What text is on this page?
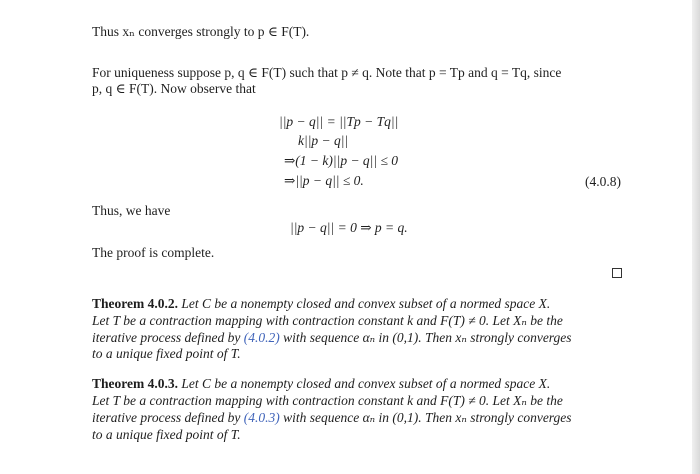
Thus xₙ converges strongly to p ∈ F(T).
For uniqueness suppose p, q ∈ F(T) such that p ≠ q. Note that p = Tp and q = Tq, since
p, q ∈ F(T). Now observe that
||p − q|| = ||Tp − Tq||
k||p − q||
⇒(1 − k)||p − q|| ≤ 0
⇒||p − q|| ≤ 0.	(4.0.8)
Thus, we have
||p − q|| = 0 ⇒ p = q.
The proof is complete.
Theorem 4.0.2. Let C be a nonempty closed and convex subset of a normed space X.
Let T be a contraction mapping with contraction constant k and F(T) ≠ 0. Let Xₙ be the
iterative process defined by (4.0.2) with sequence αₙ in (0,1). Then xₙ strongly converges
to a unique fixed point of T.
Theorem 4.0.3. Let C be a nonempty closed and convex subset of a normed space X.
Let T be a contraction mapping with contraction constant k and F(T) ≠ 0. Let Xₙ be the
iterative process defined by (4.0.3) with sequence αₙ in (0,1). Then xₙ strongly converges
to a unique fixed point of T.
